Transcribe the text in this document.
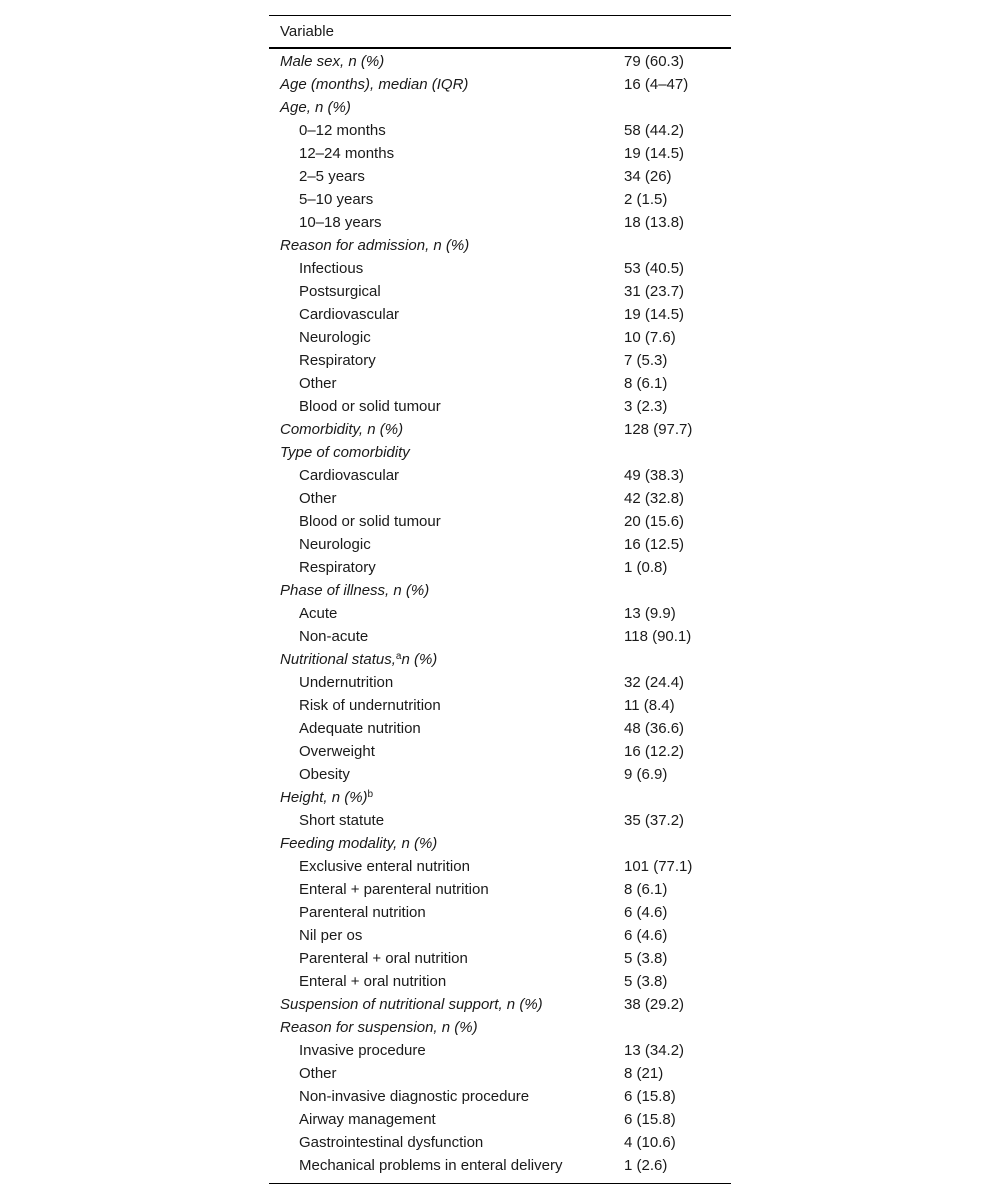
Variable
Male sex, n (%)	79 (60.3)
Age (months), median (IQR)	16 (4–47)
Age, n (%)
0–12 months	58 (44.2)
12–24 months	19 (14.5)
2–5 years	34 (26)
5–10 years	2 (1.5)
10–18 years	18 (13.8)
Reason for admission, n (%)
Infectious	53 (40.5)
Postsurgical	31 (23.7)
Cardiovascular	19 (14.5)
Neurologic	10 (7.6)
Respiratory	7 (5.3)
Other	8 (6.1)
Blood or solid tumour	3 (2.3)
Comorbidity, n (%)	128 (97.7)
Type of comorbidity
Cardiovascular	49 (38.3)
Other	42 (32.8)
Blood or solid tumour	20 (15.6)
Neurologic	16 (12.5)
Respiratory	1 (0.8)
Phase of illness, n (%)
Acute	13 (9.9)
Non-acute	118 (90.1)
Nutritional status,$^a$n (%)
Undernutrition	32 (24.4)
Risk of undernutrition	11 (8.4)
Adequate nutrition	48 (36.6)
Overweight	16 (12.2)
Obesity	9 (6.9)
Height, n (%)$^b$
Short statute	35 (37.2)
Feeding modality, n (%)
Exclusive enteral nutrition	101 (77.1)
Enteral + parenteral nutrition	8 (6.1)
Parenteral nutrition	6 (4.6)
Nil per os	6 (4.6)
Parenteral + oral nutrition	5 (3.8)
Enteral + oral nutrition	5 (3.8)
Suspension of nutritional support, n (%)	38 (29.2)
Reason for suspension, n (%)
Invasive procedure	13 (34.2)
Other	8 (21)
Non-invasive diagnostic procedure	6 (15.8)
Airway management	6 (15.8)
Gastrointestinal dysfunction	4 (10.6)
Mechanical problems in enteral delivery	1 (2.6)
